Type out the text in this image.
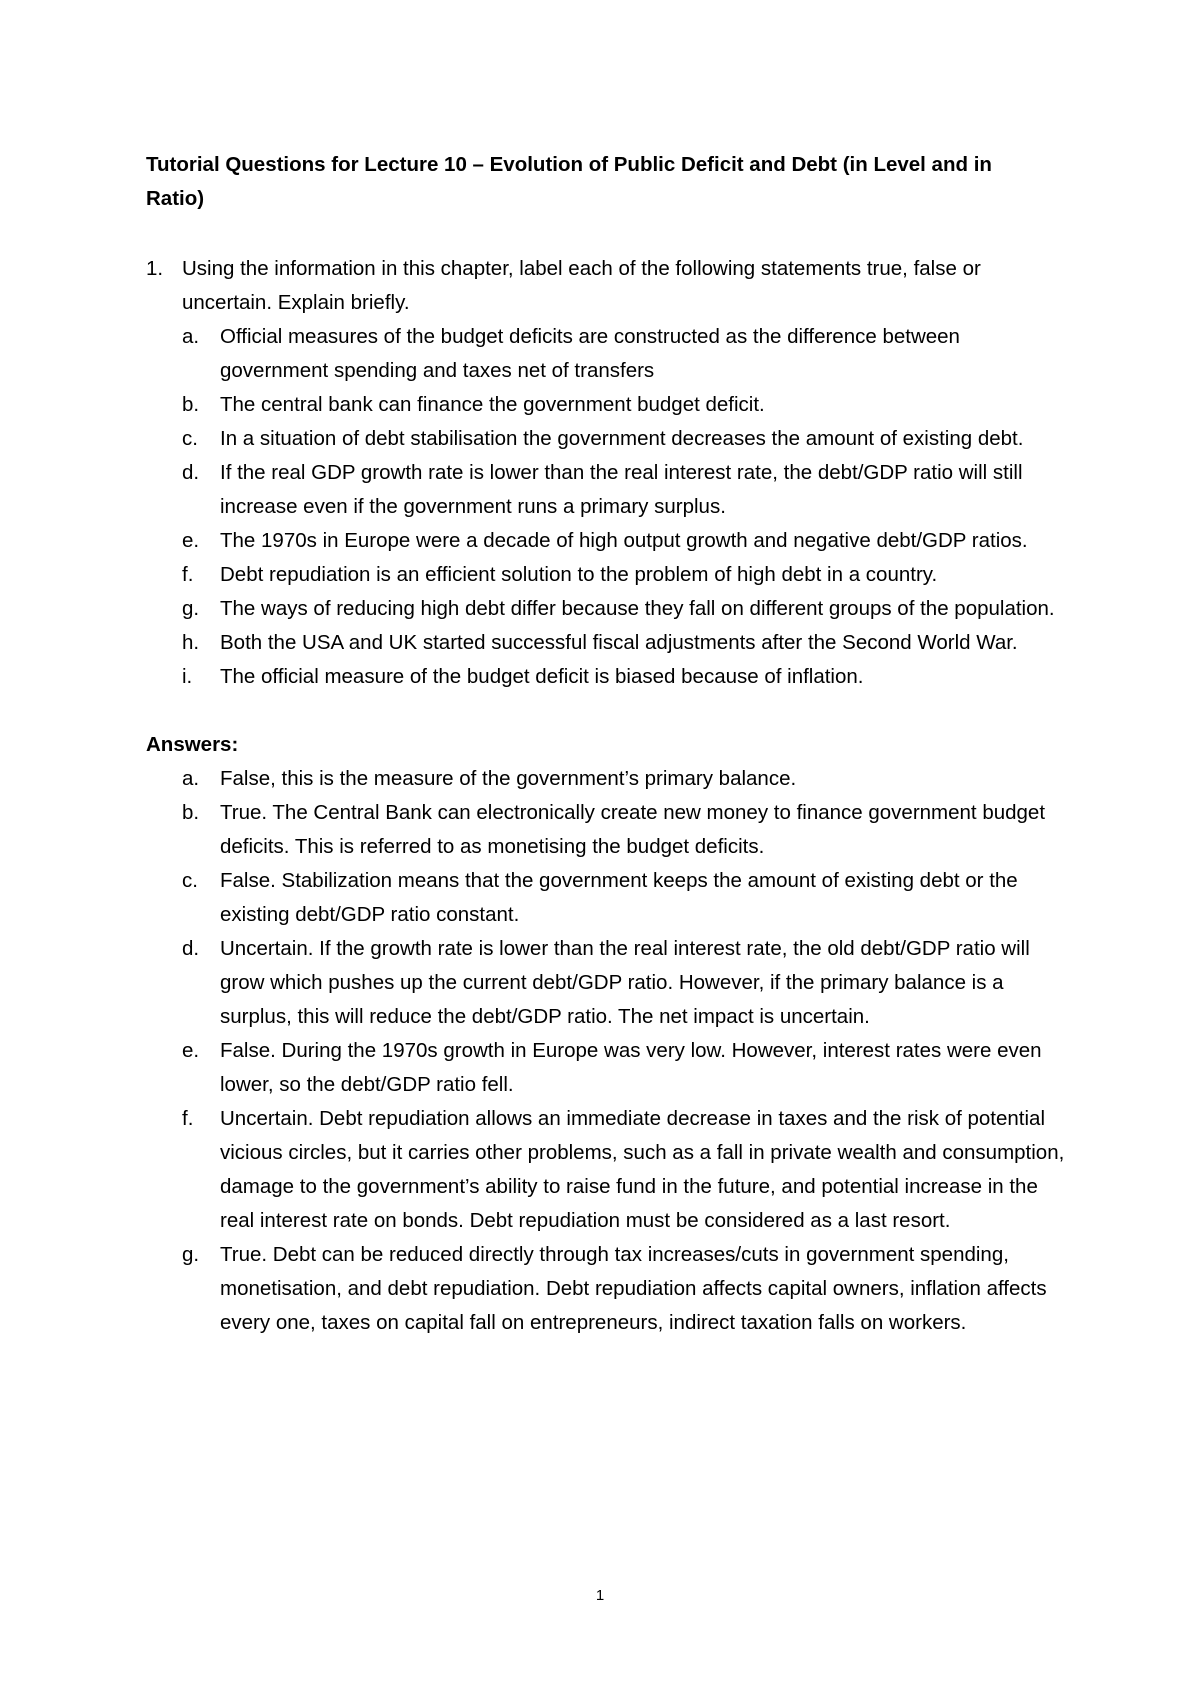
Tutorial Questions for Lecture 10 – Evolution of Public Deficit and Debt (in Level and in Ratio)

1. Using the information in this chapter, label each of the following statements true, false or uncertain. Explain briefly.
a.	Official measures of the budget deficits are constructed as the difference between government spending and taxes net of transfers
b.	The central bank can finance the government budget deficit.
c.	In a situation of debt stabilisation the government decreases the amount of existing debt.
d.	If the real GDP growth rate is lower than the real interest rate, the debt/GDP ratio will still increase even if the government runs a primary surplus.
e.	The 1970s in Europe were a decade of high output growth and negative debt/GDP ratios.
f.	Debt repudiation is an efficient solution to the problem of high debt in a country.
g.	The ways of reducing high debt differ because they fall on different groups of the population.
h.	Both the USA and UK started successful fiscal adjustments after the Second World War.
i.	The official measure of the budget deficit is biased because of inflation.
Answers:
a.	False, this is the measure of the government’s primary balance.
b.	True. The Central Bank can electronically create new money to finance government budget deficits. This is referred to as monetising the budget deficits.
c.	False. Stabilization means that the government keeps the amount of existing debt or the existing debt/GDP ratio constant.
d.	Uncertain. If the growth rate is lower than the real interest rate, the old debt/GDP ratio will grow which pushes up the current debt/GDP ratio. However, if the primary balance is a surplus, this will reduce the debt/GDP ratio. The net impact is uncertain.
e.	False. During the 1970s growth in Europe was very low. However, interest rates were even lower, so the debt/GDP ratio fell.
f.	Uncertain. Debt repudiation allows an immediate decrease in taxes and the risk of potential vicious circles, but it carries other problems, such as a fall in private wealth and consumption, damage to the government’s ability to raise fund in the future, and potential increase in the real interest rate on bonds. Debt repudiation must be considered as a last resort.
g.	True. Debt can be reduced directly through tax increases/cuts in government spending, monetisation, and debt repudiation. Debt repudiation affects capital owners, inflation affects every one, taxes on capital fall on entrepreneurs, indirect taxation falls on workers.
1
